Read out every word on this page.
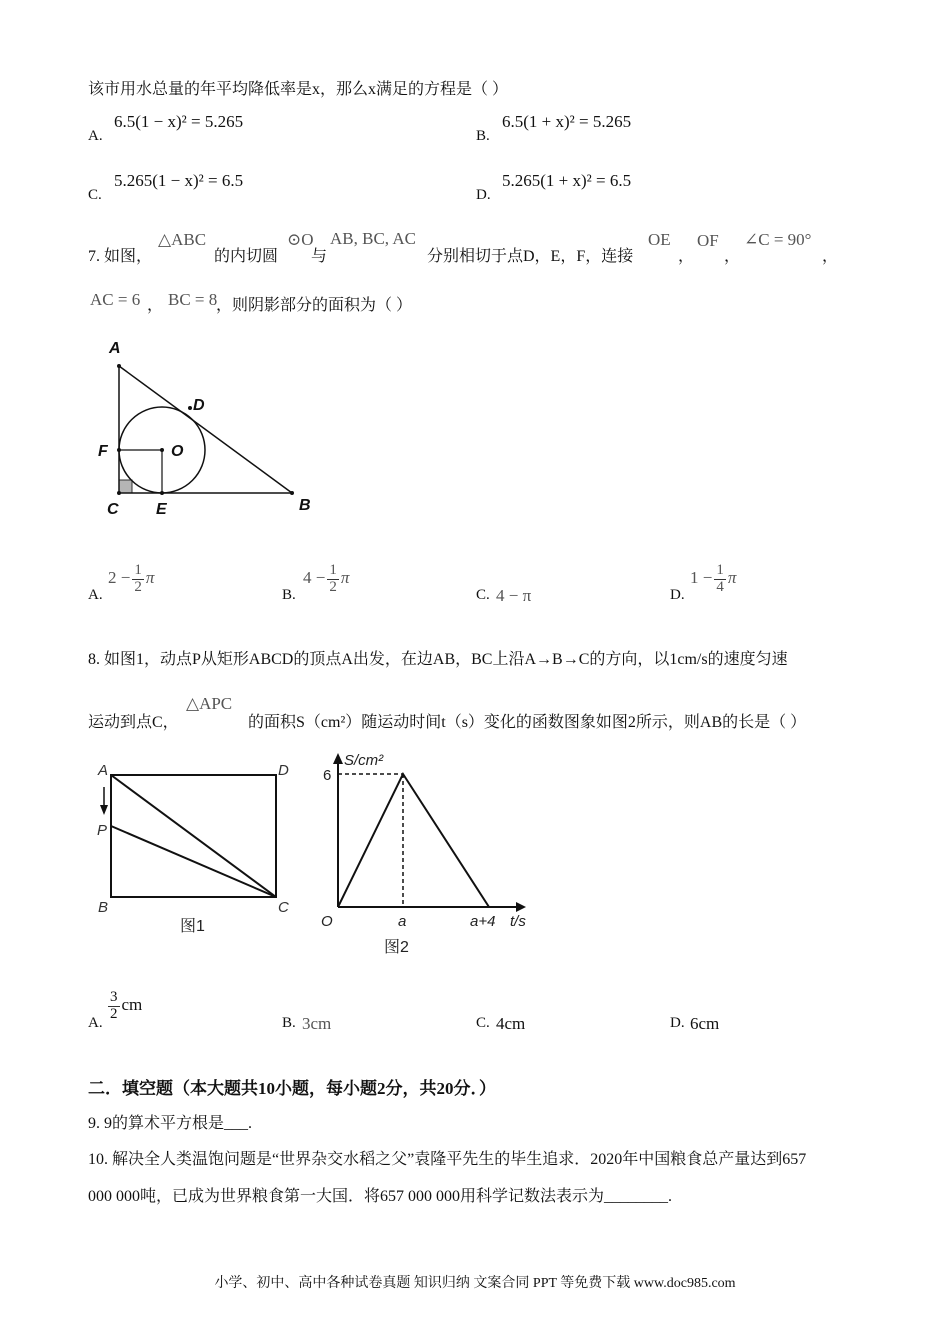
该市用水总量的年平均降低率是x，那么x满足的方程是（ ）
A.
6.5(1 − x)² = 5.265
B.
6.5(1 + x)² = 5.265
C.
5.265(1 − x)² = 6.5
D.
5.265(1 + x)² = 6.5
7. 如图，
△ABC
的内切圆
⊙O
与
AB, BC, AC
分别相切于点D，E，F，连接
OE
，
OF
，
∠C = 90°
，
AC = 6 ， BC = 8
，则阴影部分的面积为（ ）
A
D
F	O
C E	B
A.
$2 - \frac{1}{2}$ π
B.
$4 - \frac{1}{2}$ π
C. 4 − π	D.
$1 - \frac{1}{4}$ π
8. 如图1，动点P从矩形ABCD的顶点A出发，在边AB，BC上沿A→B→C的方向，以1cm/s的速度匀速
运动到点C，
△APC
的面积S（cm²）随运动时间t（s）变化的函数图象如图2所示，则AB的长是（ ）
A	D
P
B	C
图1
S/cm²
6
O	a	a+4 t/s
图2
A.
$\frac{3}{2}$ cm
B. 3cm	C. 4cm	D. 6cm
二．填空题（本大题共10小题，每小题2分，共20分．）
9. 9的算术平方根是___.
10. 解决全人类温饱问题是“世界杂交水稻之父”袁隆平先生的毕生追求．2020年中国粮食总产量达到657
000 000吨，已成为世界粮食第一大国．将657 000 000用科学记数法表示为________.
小学、初中、高中各种试卷真题 知识归纳 文案合同 PPT 等免费下载 www.doc985.com
